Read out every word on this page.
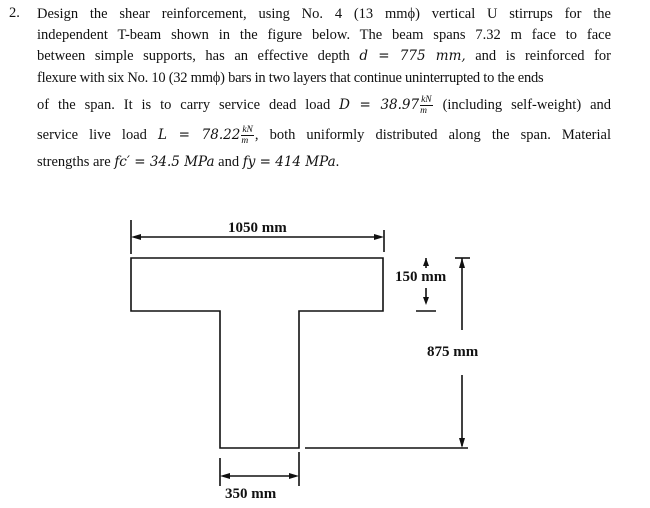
2. Design the shear reinforcement, using No. 4 (13 mmϕ) vertical U stirrups for the
independent T-beam shown in the figure below. The beam spans 7.32 m face to face
between simple supports, has an effective depth d = 775 mm, and is reinforced for
flexure with six No. 10 (32 mmϕ) bars in two layers that continue uninterrupted to the ends
of the span. It is to carry service dead load $D = 38.97 \frac{kN}{m}$ (including self-weight) and
service live load $L = 78.22 \frac{kN}{m}$ , both uniformly distributed along the span. Material
strengths are fc′ = 34.5 MPa and fy = 414 MPa.
1050 mm
150 mm
875 mm
350 mm
